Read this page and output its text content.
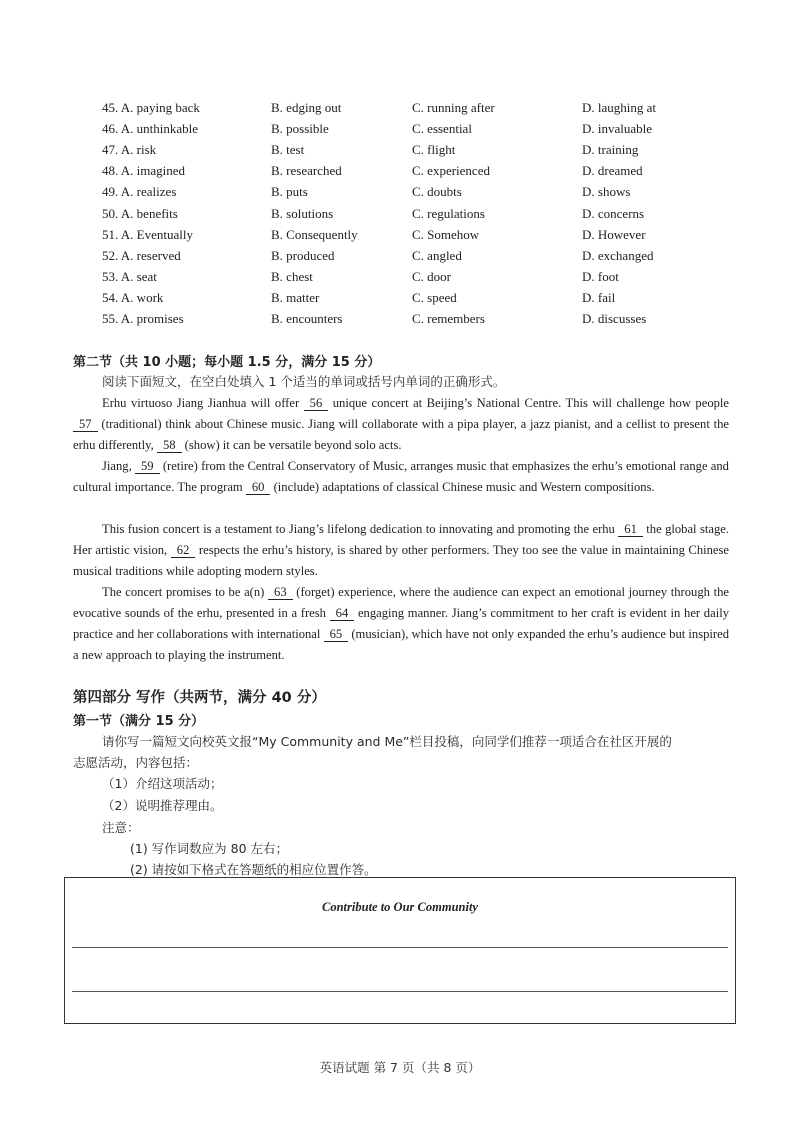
45. A. paying back	B. edging out	C. running after	D. laughing at
46. A. unthinkable	B. possible	C. essential	D. invaluable
47. A. risk	B. test	C. flight	D. training
48. A. imagined	B. researched	C. experienced	D. dreamed
49. A. realizes	B. puts	C. doubts	D. shows
50. A. benefits	B. solutions	C. regulations	D. concerns
51. A. Eventually	B. Consequently	C. Somehow	D. However
52. A. reserved	B. produced	C. angled	D. exchanged
53. A. seat	B. chest	C. door	D. foot
54. A. work	B. matter	C. speed	D. fail
55. A. promises	B. encounters	C. remembers	D. discusses
第二节（共 10 小题；每小题 1.5 分，满分 15 分）
阅读下面短文，在空白处填入 1 个适当的单词或括号内单词的正确形式。
Erhu virtuoso Jiang Jianhua will offer 56 unique concert at Beijing’s National Centre. This will challenge how people 57 (traditional) think about Chinese music. Jiang will collaborate with a pipa player, a jazz pianist, and a cellist to present the erhu differently, 58 (show) it can be versatile beyond solo acts.
Jiang, 59 (retire) from the Central Conservatory of Music, arranges music that emphasizes the erhu’s emotional range and cultural importance. The program 60 (include) adaptations of classical Chinese music and Western compositions.
This fusion concert is a testament to Jiang’s lifelong dedication to innovating and promoting the erhu 61 the global stage. Her artistic vision, 62 respects the erhu’s history, is shared by other performers. They too see the value in maintaining Chinese musical traditions while adopting modern styles.
The concert promises to be a(n) 63 (forget) experience, where the audience can expect an emotional journey through the evocative sounds of the erhu, presented in a fresh 64 engaging manner. Jiang’s commitment to her craft is evident in her daily practice and her collaborations with international 65 (musician), which have not only expanded the erhu’s audience but inspired a new approach to playing the instrument.
第四部分 写作（共两节，满分 40 分）
第一节（满分 15 分）
请你写一篇短文向校英文报“My Community and Me”栏目投稿，向同学们推荐一项适合在社区开展的
志愿活动，内容包括：
（1）介绍这项活动；
（2）说明推荐理由。
注意：
(1) 写作词数应为 80 左右；
(2) 请按如下格式在答题纸的相应位置作答。
Contribute to Our Community
英语试题 第 7 页（共 8 页）
